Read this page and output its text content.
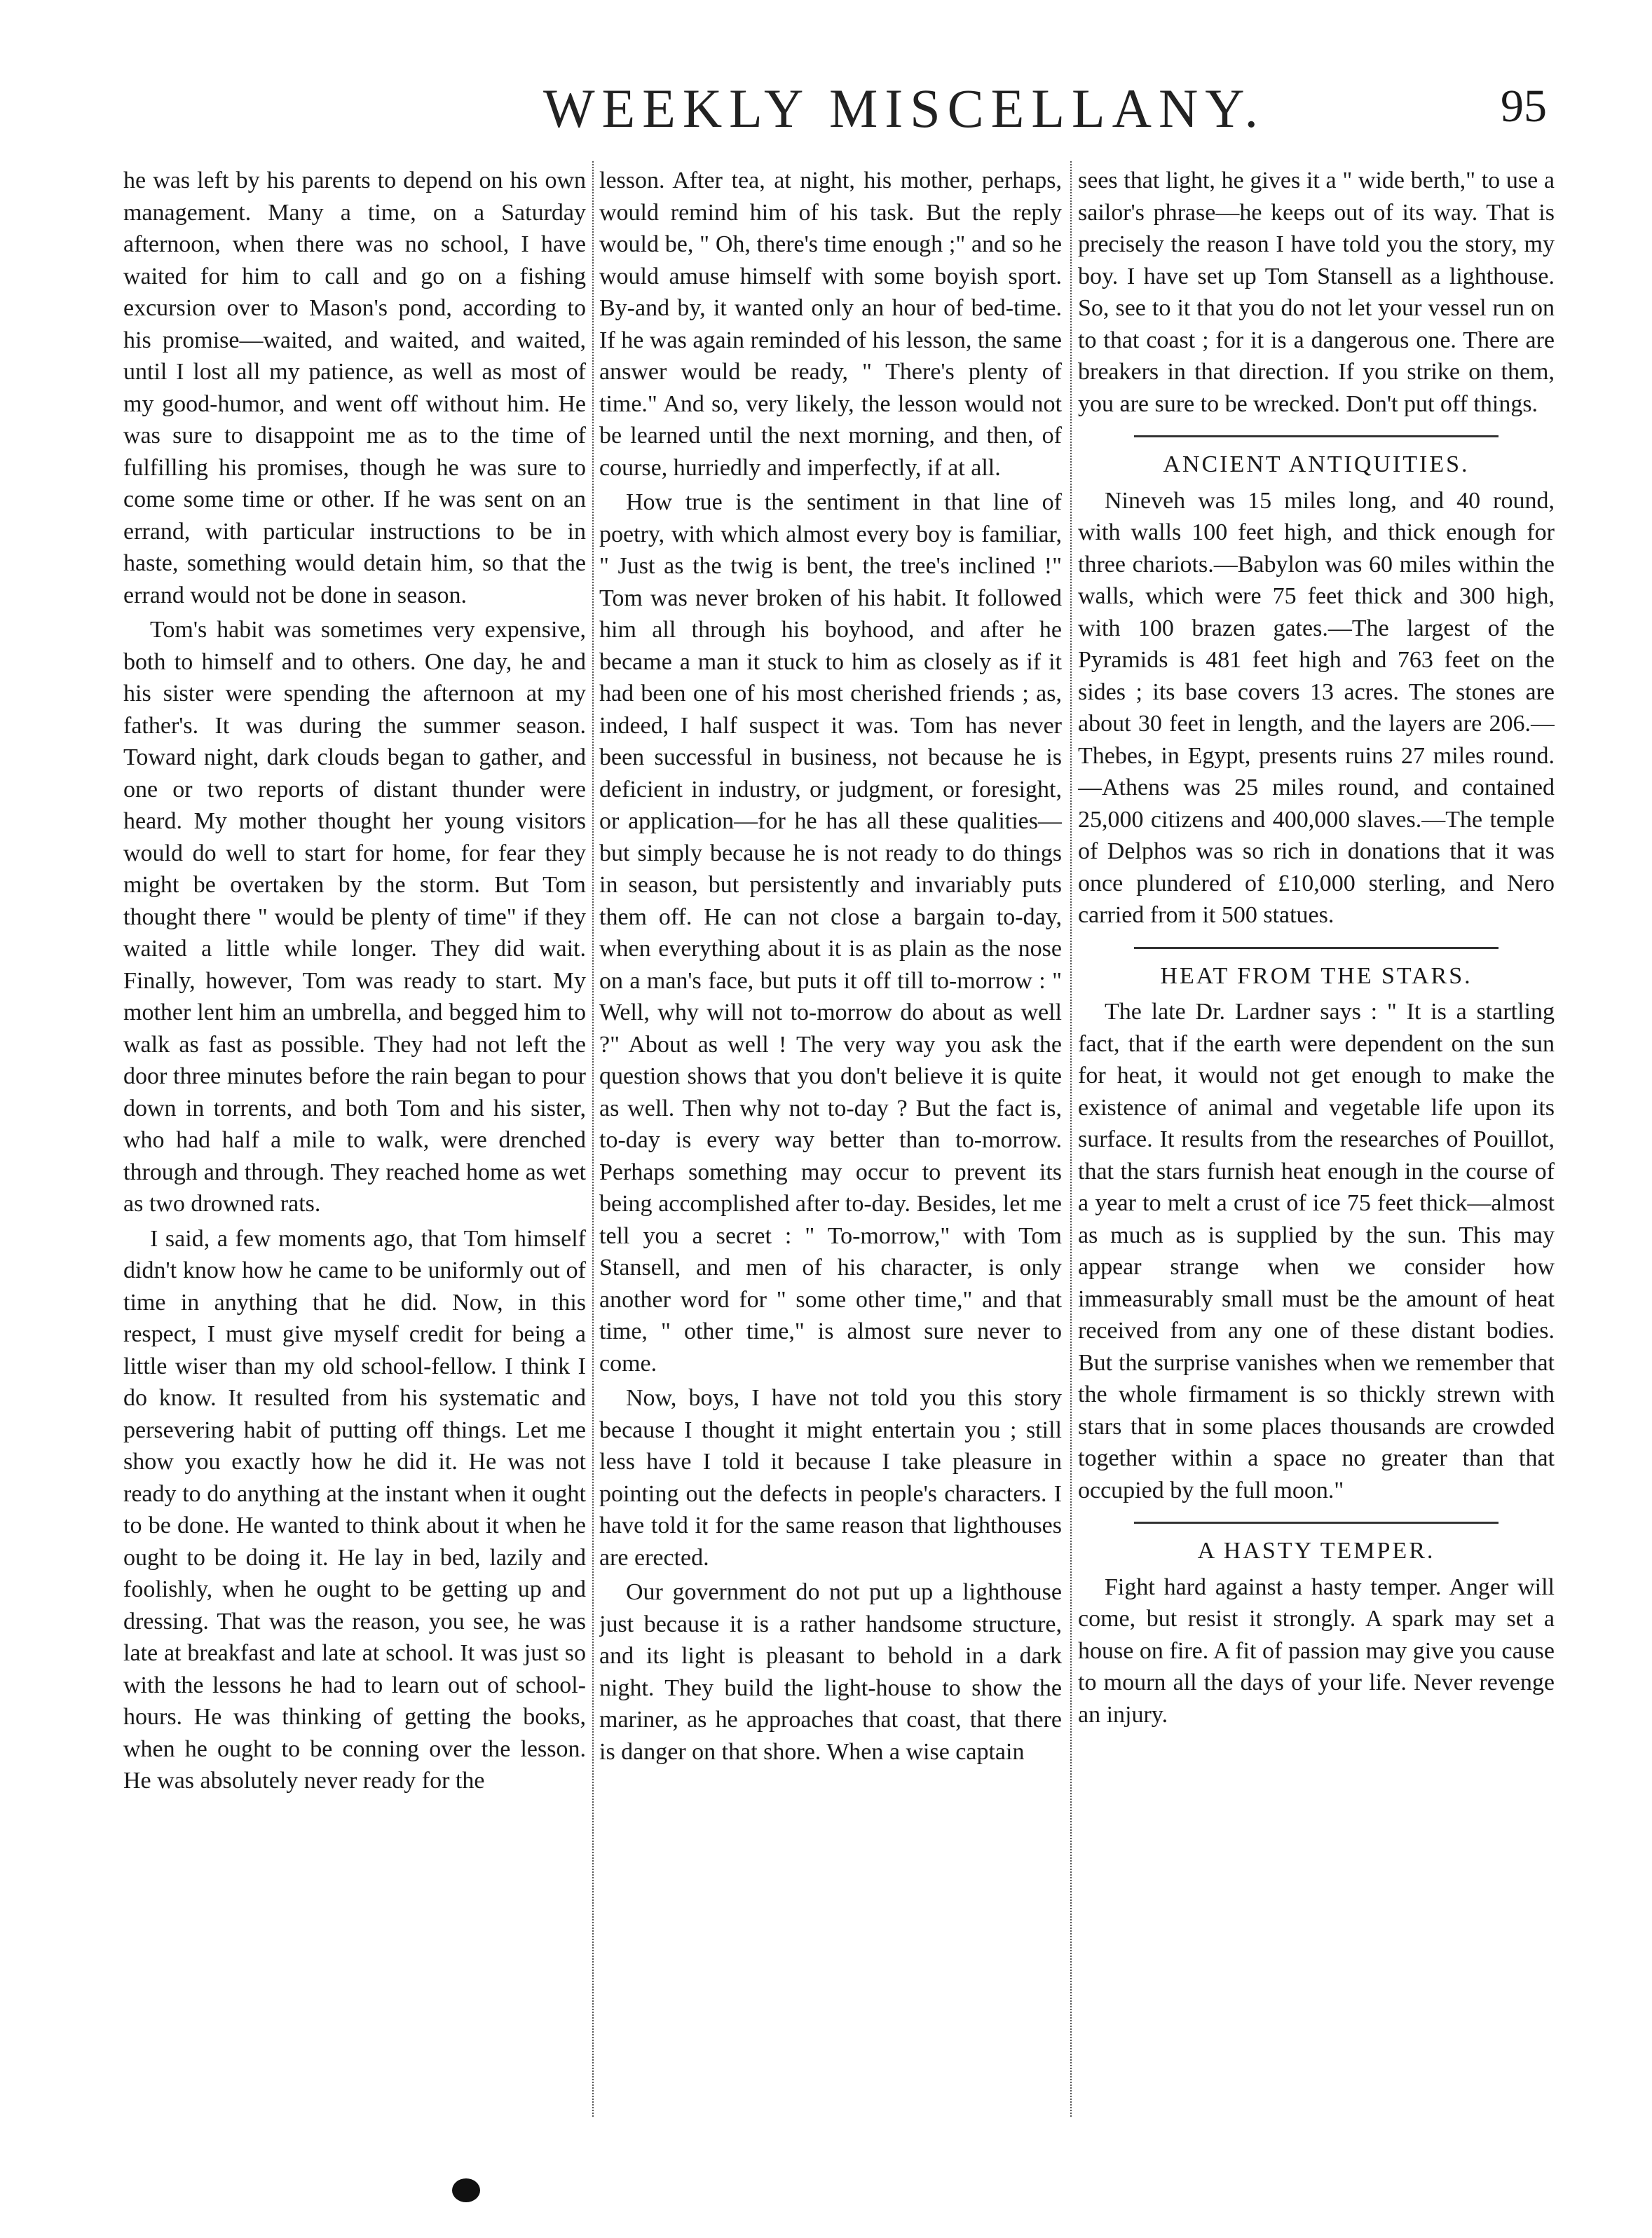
WEEKLY MISCELLANY.	95

he was left by his parents to depend on his own management. Many a time, on a Saturday afternoon, when there was no school, I have waited for him to call and go on a fishing excursion over to Mason's pond, according to his promise—waited, and waited, and waited, until I lost all my patience, as well as most of my good-humor, and went off without him. He was sure to disappoint me as to the time of fulfilling his promises, though he was sure to come some time or other. If he was sent on an errand, with particular instructions to be in haste, something would detain him, so that the errand would not be done in season.

Tom's habit was sometimes very expensive, both to himself and to others. One day, he and his sister were spending the afternoon at my father's. It was during the summer season. Toward night, dark clouds began to gather, and one or two reports of distant thunder were heard. My mother thought her young visitors would do well to start for home, for fear they might be overtaken by the storm. But Tom thought there " would be plenty of time" if they waited a little while longer. They did wait. Finally, however, Tom was ready to start. My mother lent him an umbrella, and begged him to walk as fast as possible. They had not left the door three minutes before the rain began to pour down in torrents, and both Tom and his sister, who had half a mile to walk, were drenched through and through. They reached home as wet as two drowned rats.

I said, a few moments ago, that Tom himself didn't know how he came to be uniformly out of time in anything that he did. Now, in this respect, I must give myself credit for being a little wiser than my old school-fellow. I think I do know. It resulted from his systematic and persevering habit of putting off things. Let me show you exactly how he did it. He was not ready to do anything at the instant when it ought to be done. He wanted to think about it when he ought to be doing it. He lay in bed, lazily and foolishly, when he ought to be getting up and dressing. That was the reason, you see, he was late at breakfast and late at school. It was just so with the lessons he had to learn out of school-hours. He was thinking of getting the books, when he ought to be conning over the lesson. He was absolutely never ready for the

lesson. After tea, at night, his mother, perhaps, would remind him of his task. But the reply would be, " Oh, there's time enough ;" and so he would amuse himself with some boyish sport. By-and by, it wanted only an hour of bed-time. If he was again reminded of his lesson, the same answer would be ready, " There's plenty of time." And so, very likely, the lesson would not be learned until the next morning, and then, of course, hurriedly and imperfectly, if at all.

How true is the sentiment in that line of poetry, with which almost every boy is familiar, " Just as the twig is bent, the tree's inclined !" Tom was never broken of his habit. It followed him all through his boyhood, and after he became a man it stuck to him as closely as if it had been one of his most cherished friends ; as, indeed, I half suspect it was. Tom has never been successful in business, not because he is deficient in industry, or judgment, or foresight, or application—for he has all these qualities—but simply because he is not ready to do things in season, but persistently and invariably puts them off. He can not close a bargain to-day, when everything about it is as plain as the nose on a man's face, but puts it off till to-morrow : " Well, why will not to-morrow do about as well ?" About as well ! The very way you ask the question shows that you don't believe it is quite as well. Then why not to-day ? But the fact is, to-day is every way better than to-morrow. Perhaps something may occur to prevent its being accomplished after to-day. Besides, let me tell you a secret : " To-morrow," with Tom Stansell, and men of his character, is only another word for " some other time," and that time, " other time," is almost sure never to come.

Now, boys, I have not told you this story because I thought it might entertain you ; still less have I told it because I take pleasure in pointing out the defects in people's characters. I have told it for the same reason that lighthouses are erected.

Our government do not put up a lighthouse just because it is a rather handsome structure, and its light is pleasant to behold in a dark night. They build the light-house to show the mariner, as he approaches that coast, that there is danger on that shore. When a wise captain

sees that light, he gives it a " wide berth," to use a sailor's phrase—he keeps out of its way. That is precisely the reason I have told you the story, my boy. I have set up Tom Stansell as a lighthouse. So, see to it that you do not let your vessel run on to that coast ; for it is a dangerous one. There are breakers in that direction. If you strike on them, you are sure to be wrecked. Don't put off things.

ANCIENT ANTIQUITIES.

Nineveh was 15 miles long, and 40 round, with walls 100 feet high, and thick enough for three chariots.—Babylon was 60 miles within the walls, which were 75 feet thick and 300 high, with 100 brazen gates.—The largest of the Pyramids is 481 feet high and 763 feet on the sides ; its base covers 13 acres. The stones are about 30 feet in length, and the layers are 206.—Thebes, in Egypt, presents ruins 27 miles round.—Athens was 25 miles round, and contained 25,000 citizens and 400,000 slaves.—The temple of Delphos was so rich in donations that it was once plundered of £10,000 sterling, and Nero carried from it 500 statues.

HEAT FROM THE STARS.

The late Dr. Lardner says : " It is a startling fact, that if the earth were dependent on the sun for heat, it would not get enough to make the existence of animal and vegetable life upon its surface. It results from the researches of Pouillot, that the stars furnish heat enough in the course of a year to melt a crust of ice 75 feet thick—almost as much as is supplied by the sun. This may appear strange when we consider how immeasurably small must be the amount of heat received from any one of these distant bodies. But the surprise vanishes when we remember that the whole firmament is so thickly strewn with stars that in some places thousands are crowded together within a space no greater than that occupied by the full moon."

A HASTY TEMPER.

Fight hard against a hasty temper. Anger will come, but resist it strongly. A spark may set a house on fire. A fit of passion may give you cause to mourn all the days of your life. Never revenge an injury.
